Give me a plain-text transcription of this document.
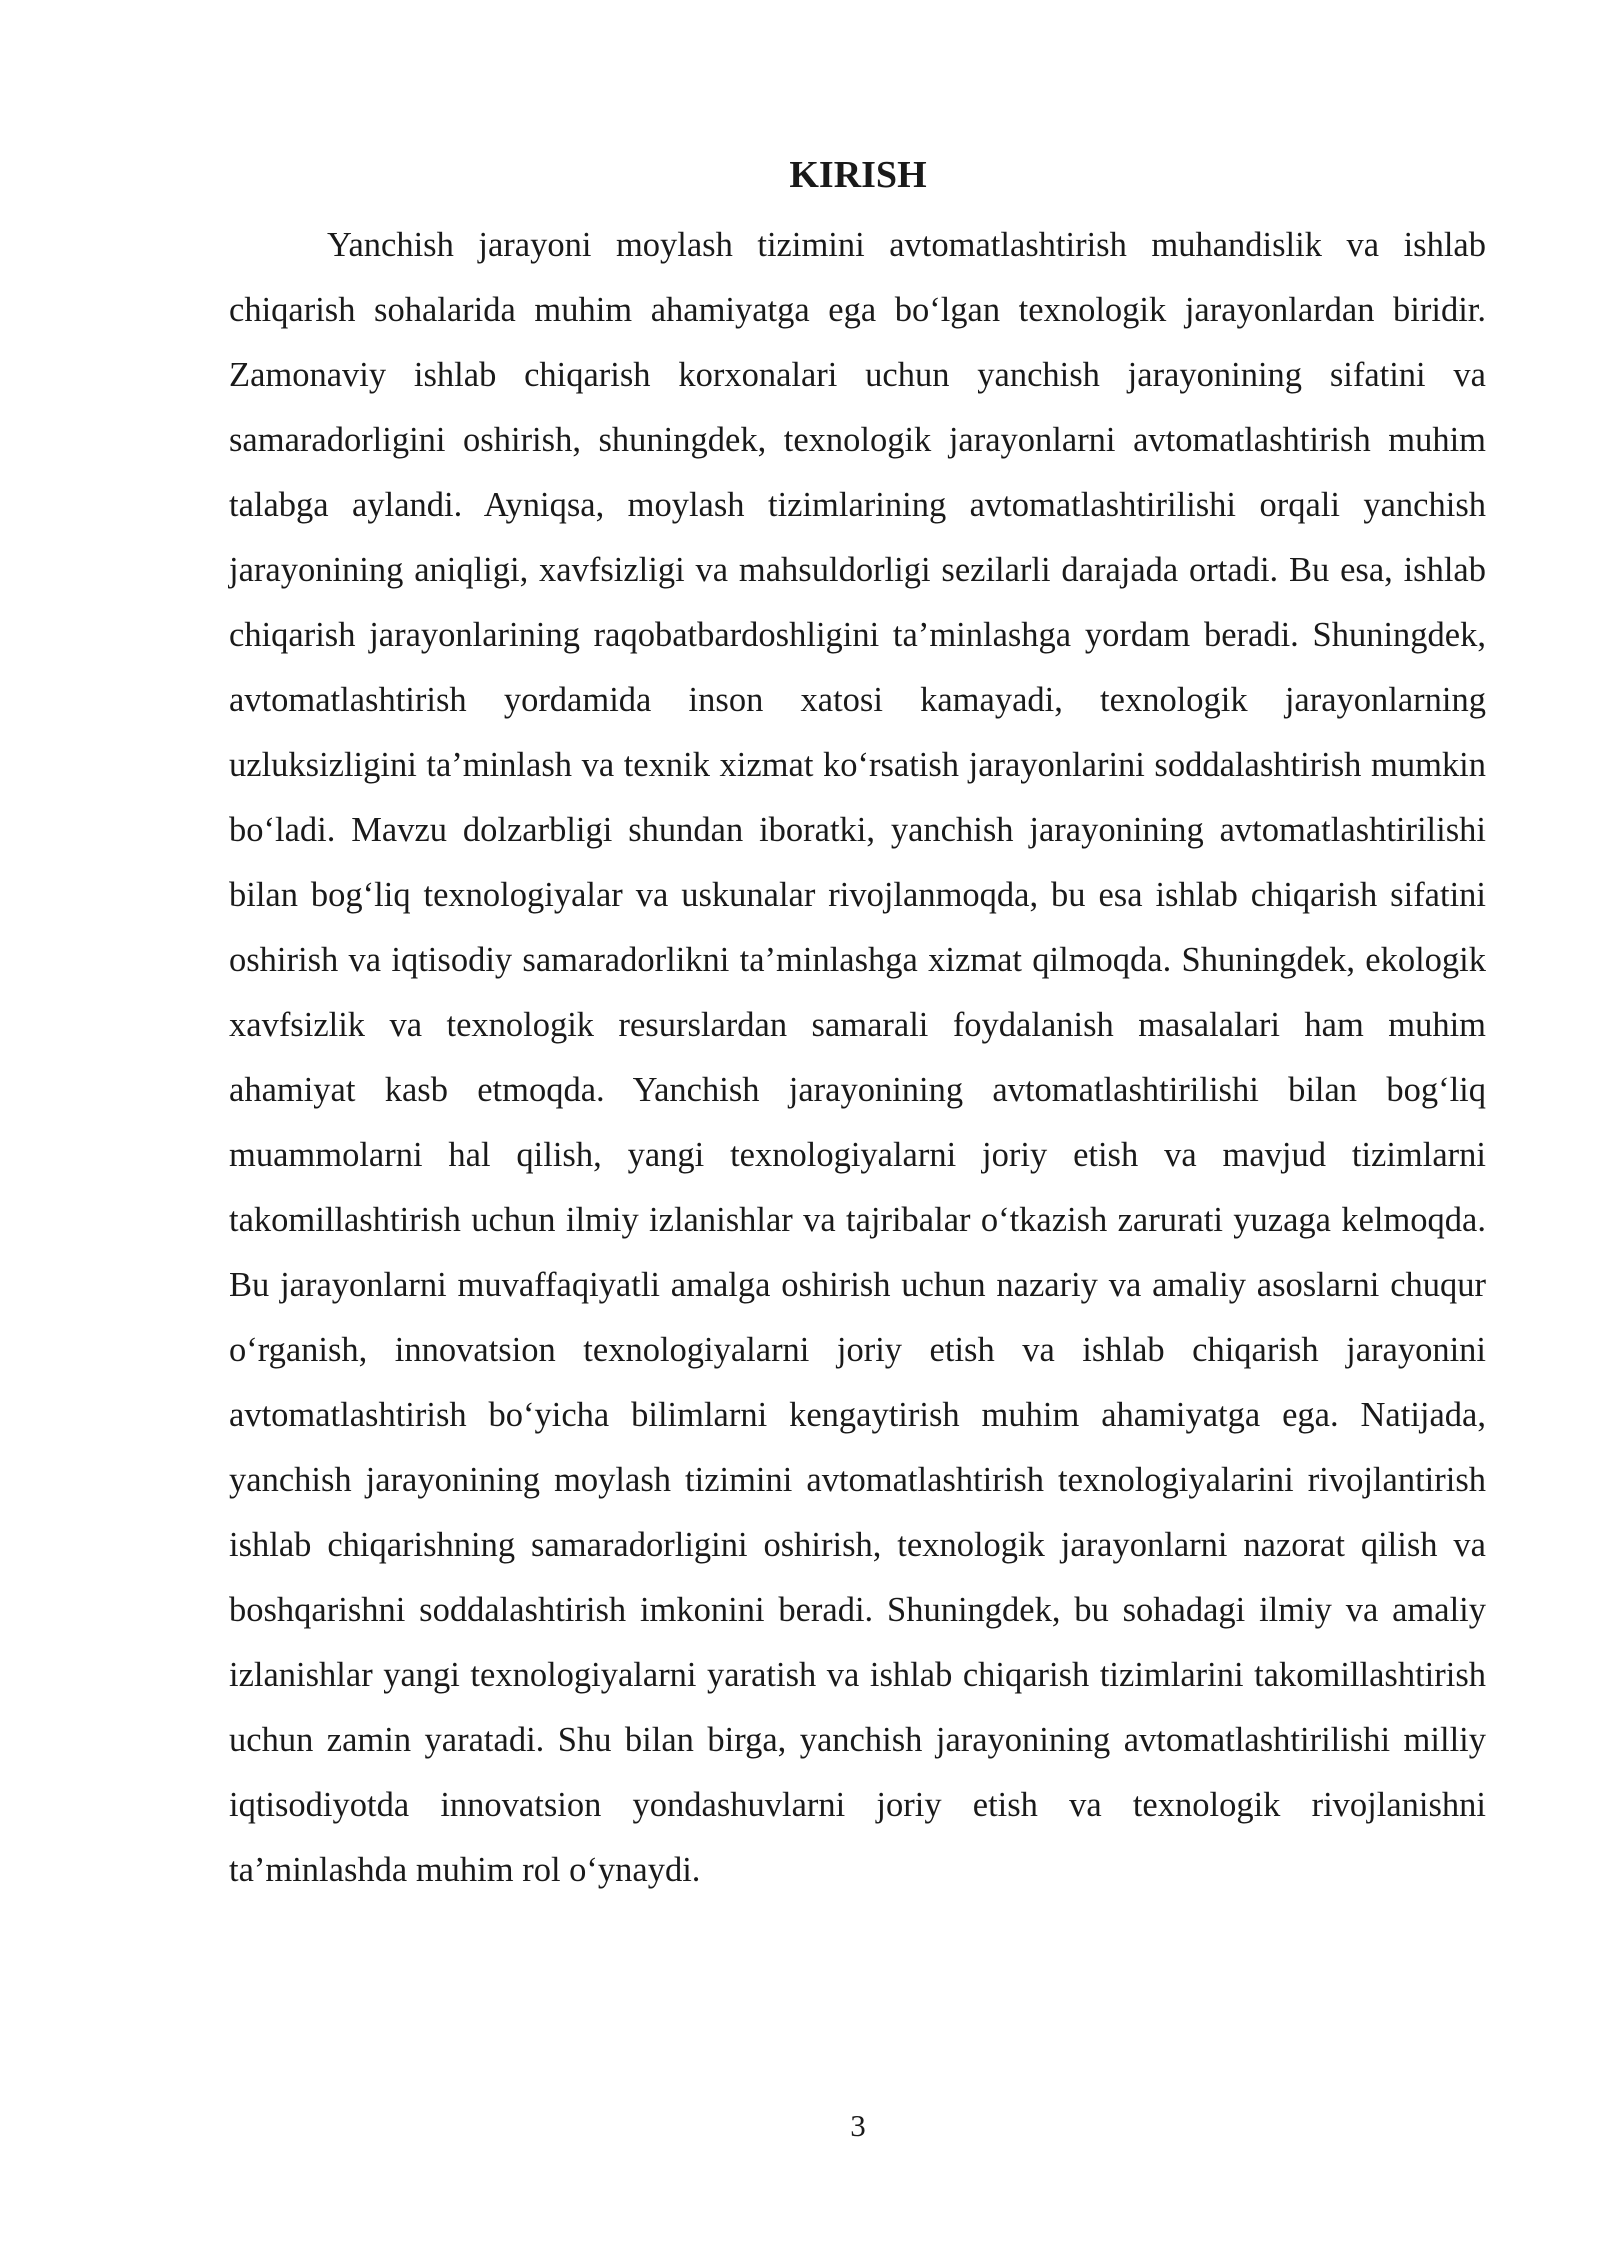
KIRISH

Yanchish jarayoni moylash tizimini avtomatlashtirish muhandislik va ishlab chiqarish sohalarida muhim ahamiyatga ega bo‘lgan texnologik jarayonlardan biridir. Zamonaviy ishlab chiqarish korxonalari uchun yanchish jarayonining sifatini va samaradorligini oshirish, shuningdek, texnologik jarayonlarni avtomatlashtirish muhim talabga aylandi. Ayniqsa, moylash tizimlarining avtomatlashtirilishi orqali yanchish jarayonining aniqligi, xavfsizligi va mahsuldorligi sezilarli darajada ortadi. Bu esa, ishlab chiqarish jarayonlarining raqobatbardoshligini ta’minlashga yordam beradi. Shuningdek, avtomatlashtirish yordamida inson xatosi kamayadi, texnologik jarayonlarning uzluksizligini ta’minlash va texnik xizmat ko‘rsatish jarayonlarini soddalashtirish mumkin bo‘ladi. Mavzu dolzarbligi shundan iboratki, yanchish jarayonining avtomatlashtirilishi bilan bog‘liq texnologiyalar va uskunalar rivojlanmoqda, bu esa ishlab chiqarish sifatini oshirish va iqtisodiy samaradorlikni ta’minlashga xizmat qilmoqda. Shuningdek, ekologik xavfsizlik va texnologik resurslardan samarali foydalanish masalalari ham muhim ahamiyat kasb etmoqda. Yanchish jarayonining avtomatlashtirilishi bilan bog‘liq muammolarni hal qilish, yangi texnologiyalarni joriy etish va mavjud tizimlarni takomillashtirish uchun ilmiy izlanishlar va tajribalar o‘tkazish zarurati yuzaga kelmoqda. Bu jarayonlarni muvaffaqiyatli amalga oshirish uchun nazariy va amaliy asoslarni chuqur o‘rganish, innovatsion texnologiyalarni joriy etish va ishlab chiqarish jarayonini avtomatlashtirish bo‘yicha bilimlarni kengaytirish muhim ahamiyatga ega. Natijada, yanchish jarayonining moylash tizimini avtomatlashtirish texnologiyalarini rivojlantirish ishlab chiqarishning samaradorligini oshirish, texnologik jarayonlarni nazorat qilish va boshqarishni soddalashtirish imkonini beradi. Shuningdek, bu sohadagi ilmiy va amaliy izlanishlar yangi texnologiyalarni yaratish va ishlab chiqarish tizimlarini takomillashtirish uchun zamin yaratadi. Shu bilan birga, yanchish jarayonining avtomatlashtirilishi milliy iqtisodiyotda innovatsion yondashuvlarni joriy etish va texnologik rivojlanishni ta’minlashda muhim rol o‘ynaydi.

3
